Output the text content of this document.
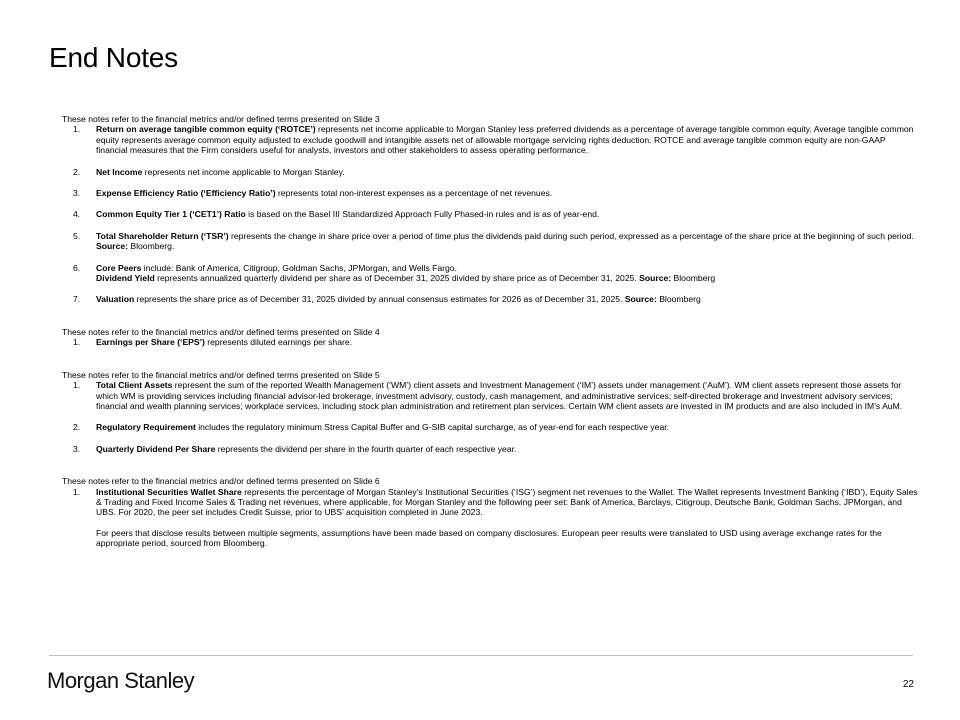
End Notes

These notes refer to the financial metrics and/or defined terms presented on Slide 3

1. Return on average tangible common equity (‘ROTCE’) represents net income applicable to Morgan Stanley less preferred dividends as a percentage of average tangible common equity. Average tangible common equity represents average common equity adjusted to exclude goodwill and intangible assets net of allowable mortgage servicing rights deduction. ROTCE and average tangible common equity are non-GAAP financial measures that the Firm considers useful for analysts, investors and other stakeholders to assess operating performance.

2. Net Income represents net income applicable to Morgan Stanley.

3. Expense Efficiency Ratio (‘Efficiency Ratio’) represents total non-interest expenses as a percentage of net revenues.

4. Common Equity Tier 1 (‘CET1’) Ratio is based on the Basel III Standardized Approach Fully Phased-in rules and is as of year-end.

5. Total Shareholder Return (‘TSR’) represents the change in share price over a period of time plus the dividends paid during such period, expressed as a percentage of the share price at the beginning of such period. Source: Bloomberg.

6. Core Peers include: Bank of America, Citigroup, Goldman Sachs, JPMorgan, and Wells Fargo.

Dividend Yield represents annualized quarterly dividend per share as of December 31, 2025 divided by share price as of December 31, 2025. Source: Bloomberg

7. Valuation represents the share price as of December 31, 2025 divided by annual consensus estimates for 2026 as of December 31, 2025. Source: Bloomberg

These notes refer to the financial metrics and/or defined terms presented on Slide 4

1. Earnings per Share (‘EPS’) represents diluted earnings per share.

These notes refer to the financial metrics and/or defined terms presented on Slide 5

1. Total Client Assets represent the sum of the reported Wealth Management (‘WM’) client assets and Investment Management (‘IM’) assets under management (‘AuM’). WM client assets represent those assets for which WM is providing services including financial advisor-led brokerage, investment advisory, custody, cash management, and administrative services; self-directed brokerage and investment advisory services; financial and wealth planning services; workplace services, including stock plan administration and retirement plan services. Certain WM client assets are invested in IM products and are also included in IM’s AuM.

2. Regulatory Requirement includes the regulatory minimum Stress Capital Buffer and G-SIB capital surcharge, as of year-end for each respective year.

3. Quarterly Dividend Per Share represents the dividend per share in the fourth quarter of each respective year.

These notes refer to the financial metrics and/or defined terms presented on Slide 6

1. Institutional Securities Wallet Share represents the percentage of Morgan Stanley’s Institutional Securities (‘ISG’) segment net revenues to the Wallet. The Wallet represents Investment Banking (‘IBD’), Equity Sales & Trading and Fixed Income Sales & Trading net revenues, where applicable, for Morgan Stanley and the following peer set: Bank of America, Barclays, Citigroup, Deutsche Bank, Goldman Sachs, JPMorgan, and UBS. For 2020, the peer set includes Credit Suisse, prior to UBS’ acquisition completed in June 2023.

For peers that disclose results between multiple segments, assumptions have been made based on company disclosures. European peer results were translated to USD using average exchange rates for the appropriate period, sourced from Bloomberg.

Morgan Stanley	22
